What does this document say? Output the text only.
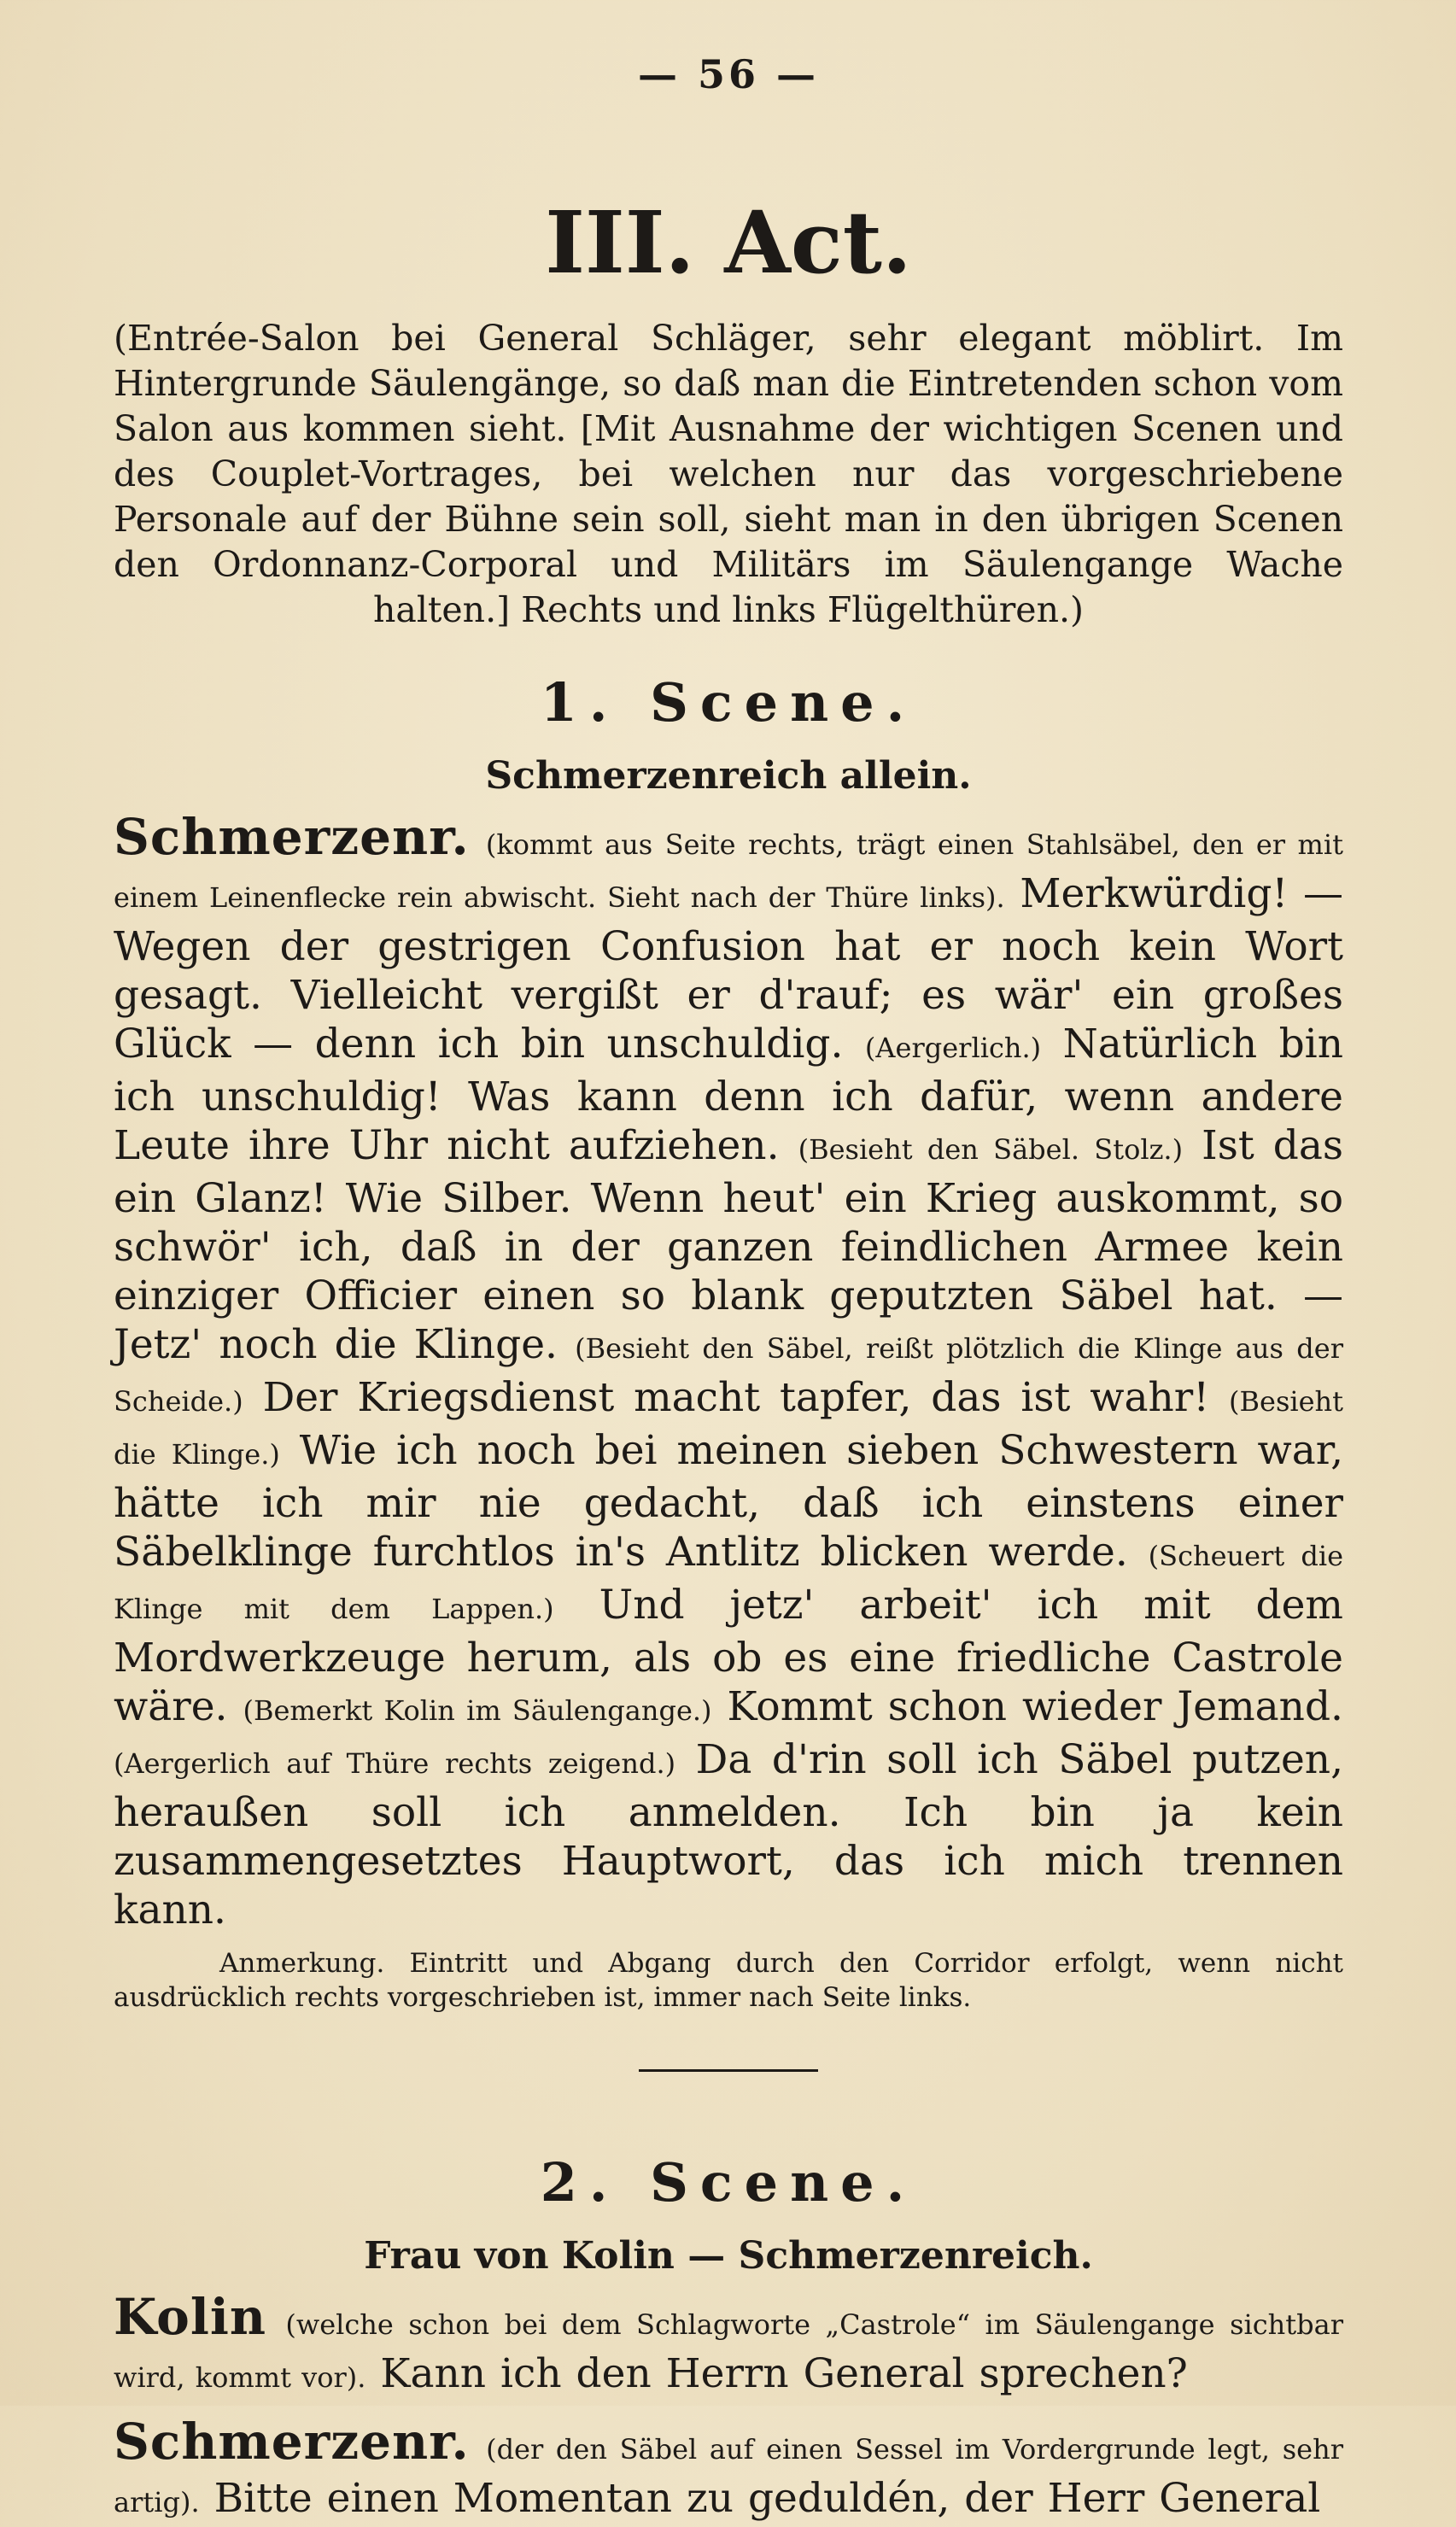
— 56 —

III. Act.
(Entrée-Salon bei General Schläger, sehr elegant möblirt. Im Hintergrunde Säulengänge, so daß man die Eintretenden schon vom Salon aus kommen sieht. [Mit Ausnahme der wichtigen Scenen und des Couplet-Vortrages, bei welchen nur das vorgeschriebene Personale auf der Bühne sein soll, sieht man in den übrigen Scenen den Ordonnanz-Corporal und Militärs im Säulengange Wache halten.] Rechts und links Flügelthüren.)
1. Scene.
Schmerzenreich allein.
Schmerzenr. (kommt aus Seite rechts, trägt einen Stahlsäbel, den er mit einem Leinenflecke rein abwischt. Sieht nach der Thüre links). Merkwürdig! — Wegen der gestrigen Confusion hat er noch kein Wort gesagt. Vielleicht vergißt er d'rauf; es wär' ein großes Glück — denn ich bin unschuldig. (Aergerlich.) Natürlich bin ich unschuldig! Was kann denn ich dafür, wenn andere Leute ihre Uhr nicht aufziehen. (Besieht den Säbel. Stolz.) Ist das ein Glanz! Wie Silber. Wenn heut' ein Krieg auskommt, so schwör' ich, daß in der ganzen feindlichen Armee kein einziger Officier einen so blank geputzten Säbel hat. — Jetz' noch die Klinge. (Besieht den Säbel, reißt plötzlich die Klinge aus der Scheide.) Der Kriegsdienst macht tapfer, das ist wahr! (Besieht die Klinge.) Wie ich noch bei meinen sieben Schwestern war, hätte ich mir nie gedacht, daß ich einstens einer Säbelklinge furchtlos in's Antlitz blicken werde. (Scheuert die Klinge mit dem Lappen.) Und jetz' arbeit' ich mit dem Mordwerkzeuge herum, als ob es eine friedliche Castrole wäre. (Bemerkt Kolin im Säulengange.) Kommt schon wieder Jemand. (Aergerlich auf Thüre rechts zeigend.) Da d'rin soll ich Säbel putzen, heraußen soll ich anmelden. Ich bin ja kein zusammengesetztes Hauptwort, das ich mich trennen kann.
Anmerkung. Eintritt und Abgang durch den Corridor erfolgt, wenn nicht ausdrücklich rechts vorgeschrieben ist, immer nach Seite links.
2. Scene.
Frau von Kolin — Schmerzenreich.
Kolin (welche schon bei dem Schlagworte „Castrole“ im Säulengange sichtbar wird, kommt vor). Kann ich den Herrn General sprechen?
Schmerzenr. (der den Säbel auf einen Sessel im Vordergrunde legt, sehr artig). Bitte einen Momentan zu geduldén, der Herr General
